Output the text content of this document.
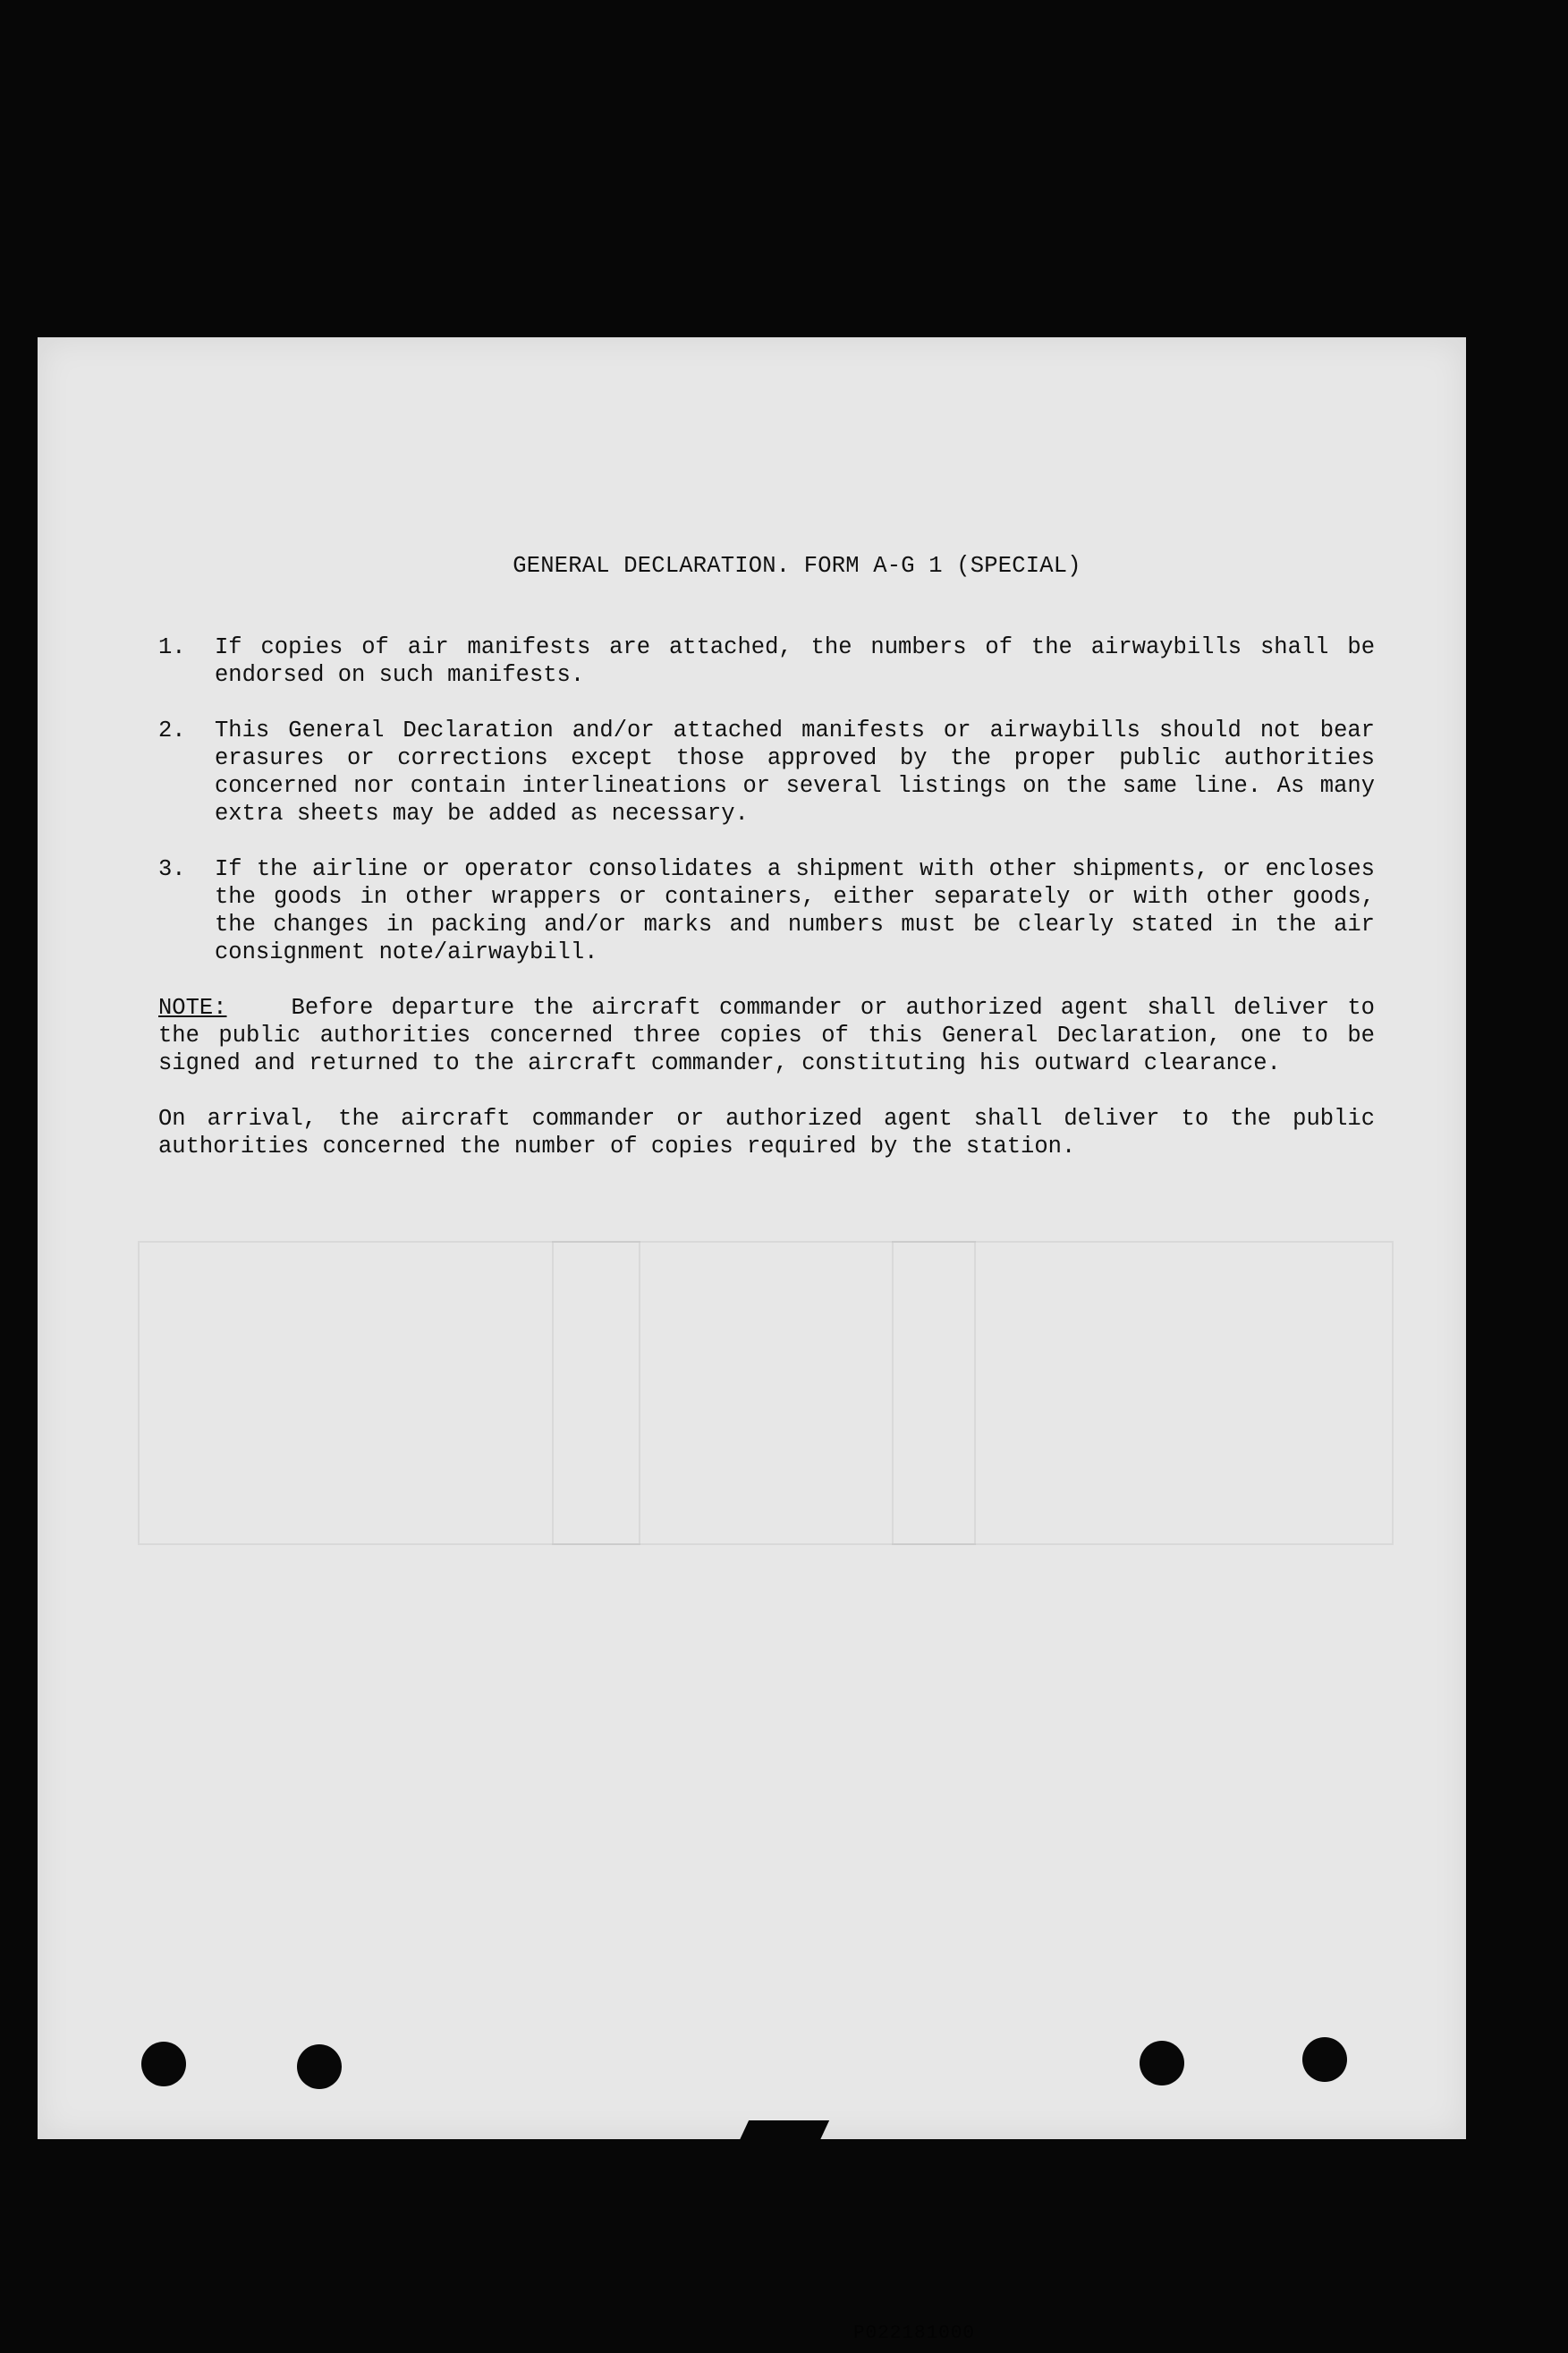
GENERAL DECLARATION. FORM A-G 1 (SPECIAL)
1.	If copies of air manifests are attached, the numbers of the airwaybills shall be endorsed on such manifests.
2.	This General Declaration and/or attached manifests or airwaybills should not bear erasures or corrections except those approved by the proper public authorities concerned nor contain interlineations or several listings on the same line. As many extra sheets may be added as necessary.
3.	If the airline or operator consolidates a shipment with other shipments, or encloses the goods in other wrappers or containers, either separately or with other goods, the changes in packing and/or marks and numbers must be clearly stated in the air consignment note/airwaybill.
NOTE:	Before departure the aircraft commander or authorized agent shall deliver to the public authorities concerned three copies of this General Declaration, one to be signed and returned to the aircraft commander, constituting his outward clearance.
On arrival, the aircraft commander or authorized agent shall deliver to the public authorities concerned the number of copies required by the station.
P022181000
